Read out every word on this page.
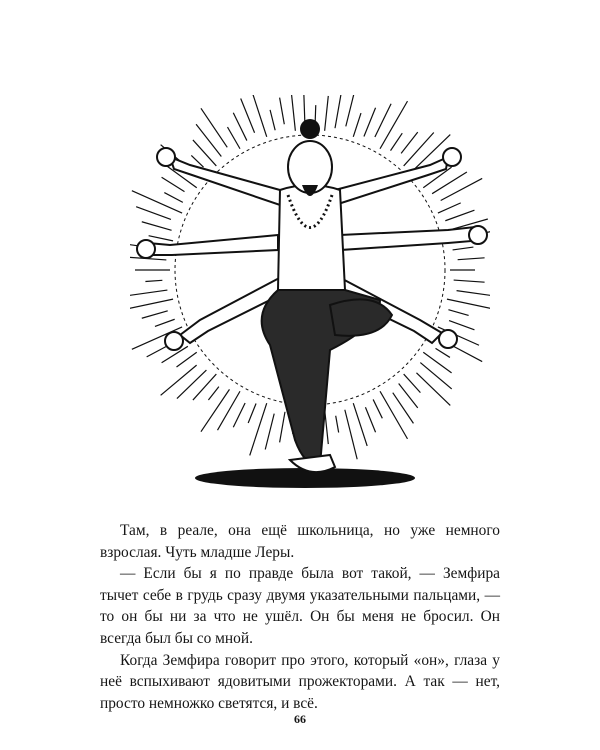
Там, в реале, она ещё школьница, но уже немного взрослая. Чуть младше Леры.

— Если бы я по правде была вот такой, — Земфира тычет себе в грудь сразу двумя указательными пальцами, — то он бы ни за что не ушёл. Он бы меня не бросил. Он всегда был бы со мной.

Когда Земфира говорит про этого, который «он», глаза у неё вспыхивают ядовитыми прожекторами. А так — нет, просто немножко светятся, и всё.

66
